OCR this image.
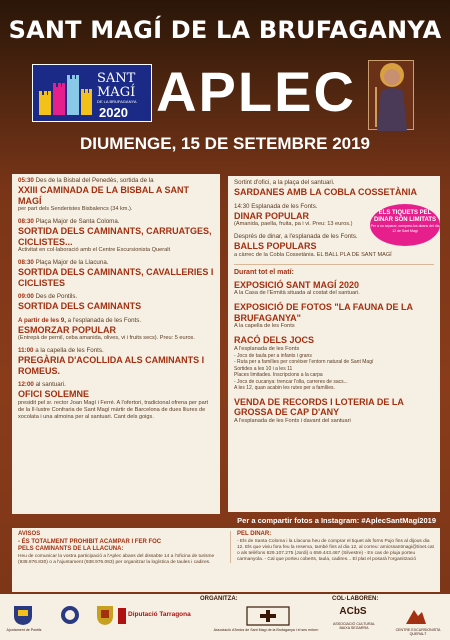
SANT MAGÍ DE LA BRUFAGANYA
SANT
MAGÍ
DE LA BRUFAGANYA
2020 APLEC
DIUMENGE, 15 DE SETEMBRE 2019
05:30 Des de la Bisbal del Penedès, sortida de la
XXIII CAMINADA DE LA BISBAL A SANT MAGÍ
per part dels Senderistes Bisbalencs (34 km.).
08:30 Plaça Major de Santa Coloma.
SORTIDA DELS CAMINANTS, CARRUATGES, CICLISTES...
Activitat en col·laboració amb el Centre Excursionista Queralt
08:30 Plaça Major de la Llacuna.
SORTIDA DELS CAMINANTS, CAVALLERIES I CICLISTES
09:00 Des de Pontils.
SORTIDA DELS CAMINANTS
A partir de les 9, a l'esplanada de les Fonts.
ESMORZAR POPULAR
(Entrepà de pernil, ceba amanida, olives, vi i fruits secs). Preu: 5 euros.
11:00 a la capella de les Fonts.
PREGÀRIA D'ACOLLIDA ALS CAMINANTS I ROMEUS.
12:00 al santuari.
OFICI SOLEMNE
presidit pel sr. rector Joan Magí i Ferré. A l'ofertori, tradicional ofrena per part de la Il·lustre Confraria de Sant Magí màrtir de Barcelona de dues lliures de xocolata i una almoina per al santuari. Cant dels goigs.
Sortint d'ofici, a la plaça del santuari.
SARDANES AMB LA COBLA COSSETÀNIA
14:30 Esplanada de les Fonts.
DINAR POPULAR
(Amanida, paella, fruita, pa i vi. Preu: 13 euros.)
Després de dinar, a l'esplanada de les Fonts.
BALLS POPULARS
a càrrec de la Cobla Cossetània. EL BALL PLA DE SANT MAGÍ
Durant tot el matí:
EXPOSICIÓ SANT MAGÍ 2020
A la Casa de l'Ermità situada al costat del santuari.
EXPOSICIÓ DE FOTOS "LA FAUNA DE LA BRUFAGANYA"
A la capella de les Fonts
RACÓ DELS JOCS
A l'esplanada de les Fonts
- Jocs de taula per a infants i grans
- Ruta per a famílies per conèixer l'entorn natural de Sant Magí
Sortides a les 10 i a les 11
Places limitades. Inscripcions a la carpa
- Jocs de cucanya: trencar l'olla, carreres de sacs...
A les 12, quan acabin les rutes per a famílies.
VENDA DE RECORDS I LOTERIA DE LA GROSSA DE CAP D'ANY
A l'esplanada de les Fonts i davant del santuari
ELS TIQUETS PEL DINAR SÓN LIMITATS
Per a no separar, compreu-los abans del dia 12 de Sant Magí
Per a compartir fotos a Instagram: #AplecSantMagí2019
AVISOS
- ÉS TOTALMENT PROHIBIT ACAMPAR I FER FOC
PELS CAMINANTS DE LA LLACUNA:
Heu de comunicar la vostra participació a l'Aplec abans del dissabte 14 a l'oficina de turisme (938.976.830) o a l'ajuntament (938.976.063) per organitzar la logística de taules i cadires.
PEL DINAR:
- Els de Santa Coloma i la Llacuna heu de comprar el tiquet als forns Pujo fins al dijous dia 12. Els que viviu fora feu la reserva, també fins al dia 12, al correu: amicssantmagi@tinet.cat o als telèfons 629.107.275 (Jordi) o 659.443.467 (Silvestre) - En cas de pluja porteu carmanyola. - Cal que porteu coberts, taula, cadires... El plat el posarà l'organització
ORGANITZA:	COL·LABOREN:
Ajuntament de Pontils
Diputació Tarragona
Associació d'Amics de Sant Magí de la Brufaganya i el seu entorn
ACbS
ASSOCIACIÓ CULTURAL BAIXA SEGARRA	CENTRE EXCURSIONISTA QUERALT
